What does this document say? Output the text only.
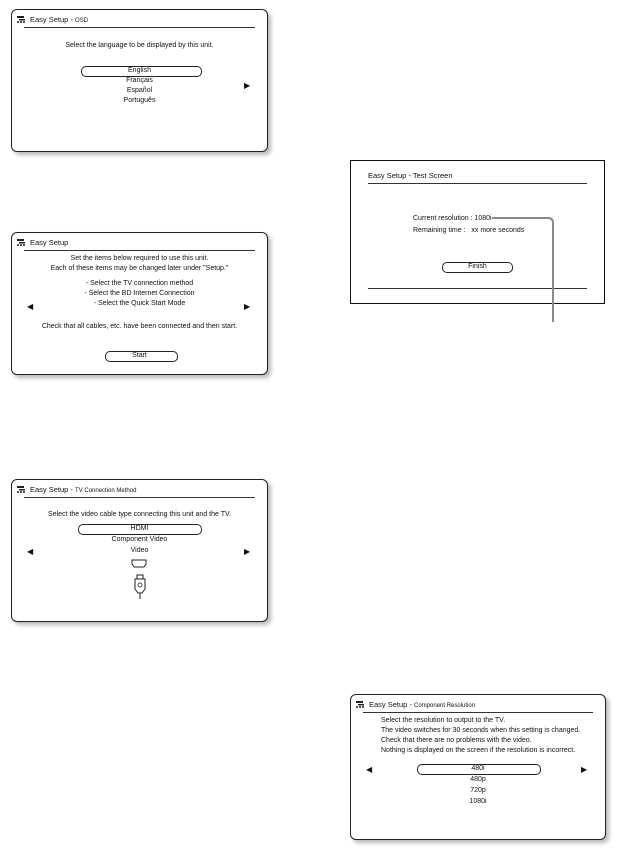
Easy Setup - OSD
Select the language to be displayed by this unit.
English
Français
Español
Português
▶
Easy Setup
Set the items below required to use this unit.
Each of these items may be changed later under "Setup."
- Select the TV connection method
- Select the BD Internet Connection
- Select the Quick Start Mode
◀	▶
Check that all cables, etc. have been connected and then start.
Start
Easy Setup - TV Connection Method
Select the video cable type connecting this unit and the TV.
HDMI
Component Video
Video
◀	▶
Easy Setup - Test Screen
Current resolution : 1080i
Remaining time : xx more seconds
Finish
Easy Setup - Component Resolution
Select the resolution to output to the TV.
The video switches for 30 seconds when this setting is changed.
Check that there are no problems with the video.
Nothing is displayed on the screen if the resolution is incorrect.
480i
480p
720p
1080i
◀	▶
